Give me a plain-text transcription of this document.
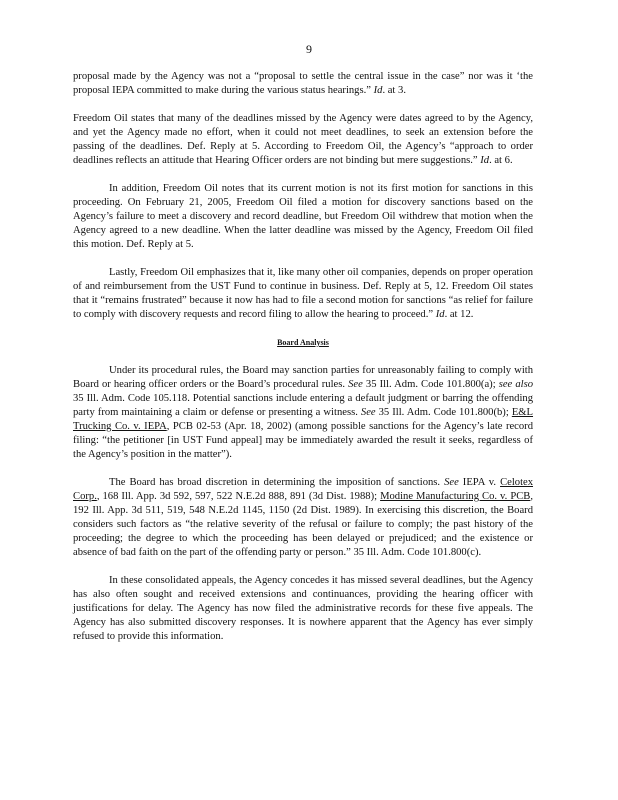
9

proposal made by the Agency was not a “proposal to settle the central issue in the case” nor was it ‘the proposal IEPA committed to make during the various status hearings.” Id. at 3.

Freedom Oil states that many of the deadlines missed by the Agency were dates agreed to by the Agency, and yet the Agency made no effort, when it could not meet deadlines, to seek an extension before the passing of the deadlines. Def. Reply at 5. According to Freedom Oil, the Agency’s “approach to order deadlines reflects an attitude that Hearing Officer orders are not binding but mere suggestions.” Id. at 6.

In addition, Freedom Oil notes that its current motion is not its first motion for sanctions in this proceeding. On February 21, 2005, Freedom Oil filed a motion for discovery sanctions based on the Agency’s failure to meet a discovery and record deadline, but Freedom Oil withdrew that motion when the Agency agreed to a new deadline. When the latter deadline was missed by the Agency, Freedom Oil filed this motion. Def. Reply at 5.

Lastly, Freedom Oil emphasizes that it, like many other oil companies, depends on proper operation of and reimbursement from the UST Fund to continue in business. Def. Reply at 5, 12. Freedom Oil states that it “remains frustrated” because it now has had to file a second motion for sanctions “as relief for failure to comply with discovery requests and record filing to allow the hearing to proceed.” Id. at 12.

Board Analysis

Under its procedural rules, the Board may sanction parties for unreasonably failing to comply with Board or hearing officer orders or the Board’s procedural rules. See 35 Ill. Adm. Code 101.800(a); see also 35 Ill. Adm. Code 105.118. Potential sanctions include entering a default judgment or barring the offending party from maintaining a claim or defense or presenting a witness. See 35 Ill. Adm. Code 101.800(b); E&L Trucking Co. v. IEPA, PCB 02-53 (Apr. 18, 2002) (among possible sanctions for the Agency’s late record filing: “the petitioner [in UST Fund appeal] may be immediately awarded the result it seeks, regardless of the Agency’s position in the matter”).

The Board has broad discretion in determining the imposition of sanctions. See IEPA v. Celotex Corp., 168 Ill. App. 3d 592, 597, 522 N.E.2d 888, 891 (3d Dist. 1988); Modine Manufacturing Co. v. PCB, 192 Ill. App. 3d 511, 519, 548 N.E.2d 1145, 1150 (2d Dist. 1989). In exercising this discretion, the Board considers such factors as “the relative severity of the refusal or failure to comply; the past history of the proceeding; the degree to which the proceeding has been delayed or prejudiced; and the existence or absence of bad faith on the part of the offending party or person.” 35 Ill. Adm. Code 101.800(c).

In these consolidated appeals, the Agency concedes it has missed several deadlines, but the Agency has also often sought and received extensions and continuances, providing the hearing officer with justifications for delay. The Agency has now filed the administrative records for these five appeals. The Agency has also submitted discovery responses. It is nowhere apparent that the Agency has ever simply refused to provide this information.
